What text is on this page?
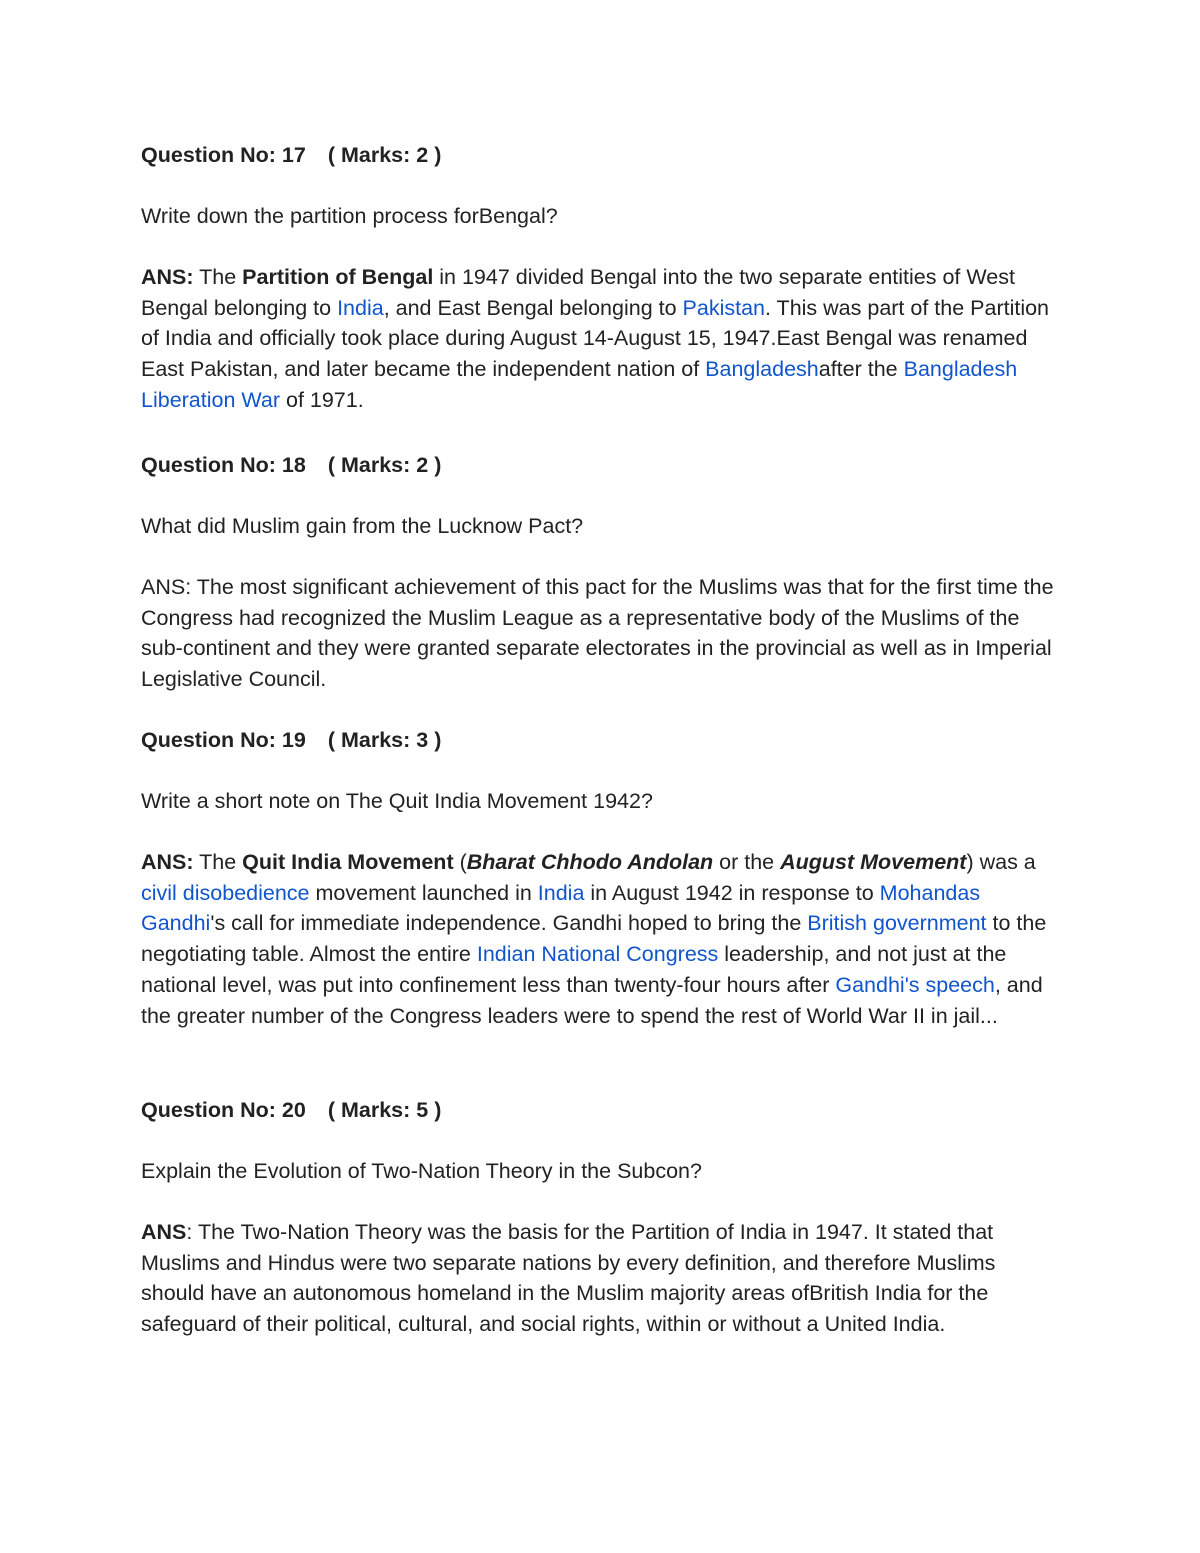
Question No: 17 ( Marks: 2 )

Write down the partition process forBengal?

ANS: The Partition of Bengal in 1947 divided Bengal into the two separate entities of West Bengal belonging to India, and East Bengal belonging to Pakistan. This was part of the Partition of India and officially took place during August 14-August 15, 1947.East Bengal was renamed East Pakistan, and later became the independent nation of Bangladeshafter the Bangladesh Liberation War of 1971.

Question No: 18 ( Marks: 2 )

What did Muslim gain from the Lucknow Pact?

ANS: The most significant achievement of this pact for the Muslims was that for the first time the Congress had recognized the Muslim League as a representative body of the Muslims of the sub-continent and they were granted separate electorates in the provincial as well as in Imperial Legislative Council.

Question No: 19 ( Marks: 3 )

Write a short note on The Quit India Movement 1942?

ANS: The Quit India Movement (Bharat Chhodo Andolan or the August Movement) was a civil disobedience movement launched in India in August 1942 in response to Mohandas Gandhi's call for immediate independence. Gandhi hoped to bring the British government to the negotiating table. Almost the entire Indian National Congress leadership, and not just at the national level, was put into confinement less than twenty-four hours after Gandhi's speech, and the greater number of the Congress leaders were to spend the rest of World War II in jail...

Question No: 20 ( Marks: 5 )

Explain the Evolution of Two-Nation Theory in the Subcon?

ANS: The Two-Nation Theory was the basis for the Partition of India in 1947. It stated that Muslims and Hindus were two separate nations by every definition, and therefore Muslims should have an autonomous homeland in the Muslim majority areas ofBritish India for the safeguard of their political, cultural, and social rights, within or without a United India.
